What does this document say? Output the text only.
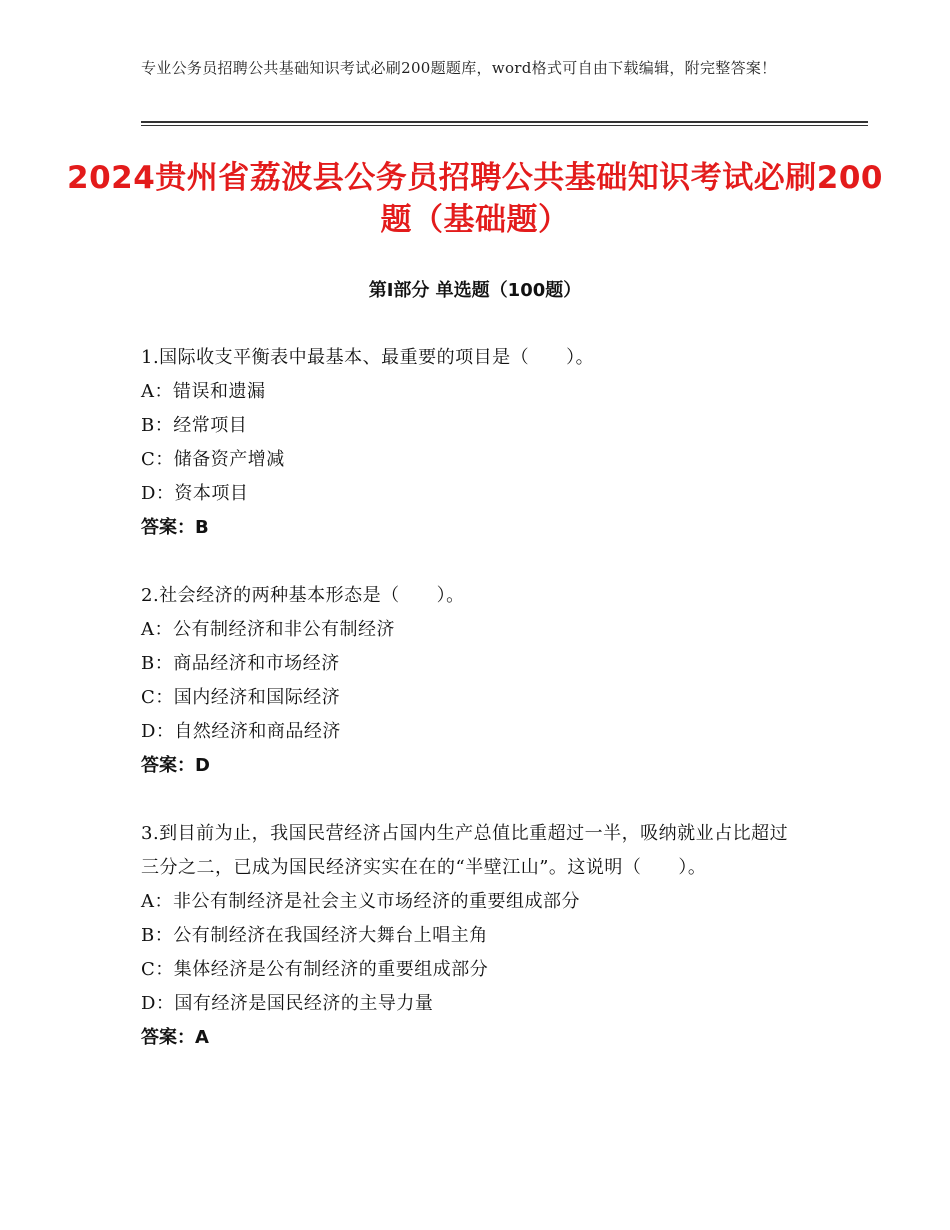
专业公务员招聘公共基础知识考试必刷200题题库，word格式可自由下载编辑，附完整答案！
2024贵州省荔波县公务员招聘公共基础知识考试必刷200题（基础题）
第Ⅰ部分 单选题（100题）
1.国际收支平衡表中最基本、最重要的项目是（　　）。
A：错误和遗漏
B：经常项目
C：储备资产增减
D：资本项目
答案：B
2.社会经济的两种基本形态是（　　）。
A：公有制经济和非公有制经济
B：商品经济和市场经济
C：国内经济和国际经济
D：自然经济和商品经济
答案：D
3.到目前为止，我国民营经济占国内生产总值比重超过一半，吸纳就业占比超过三分之二，已成为国民经济实实在在的“半壁江山”。这说明（　　）。
A：非公有制经济是社会主义市场经济的重要组成部分
B：公有制经济在我国经济大舞台上唱主角
C：集体经济是公有制经济的重要组成部分
D：国有经济是国民经济的主导力量
答案：A
